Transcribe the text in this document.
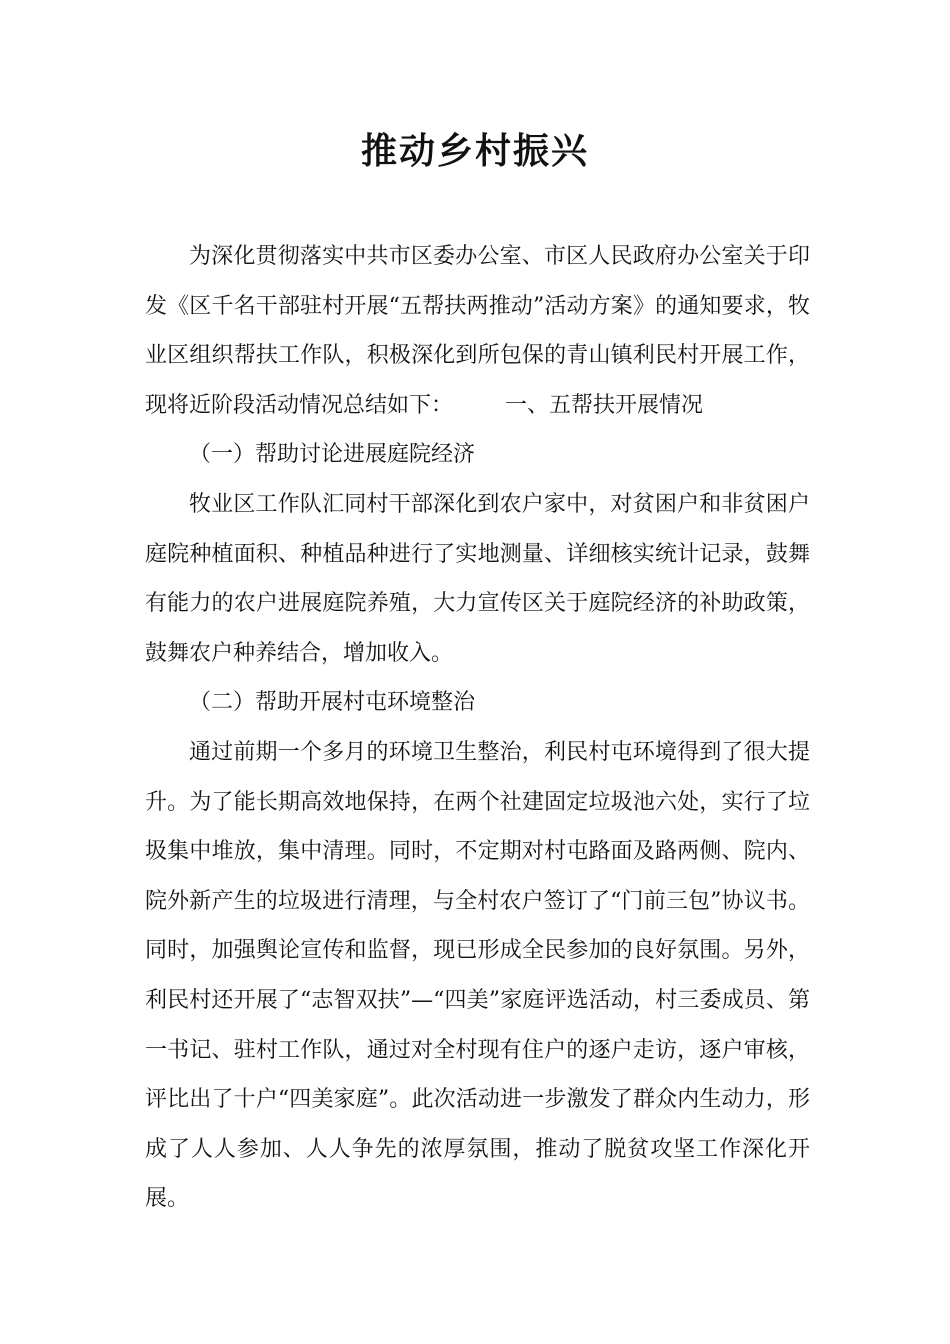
推动乡村振兴

为深化贯彻落实中共市区委办公室、市区人民政府办公室关于印发《区千名干部驻村开展“五帮扶两推动”活动方案》的通知要求，牧业区组织帮扶工作队，积极深化到所包保的青山镇利民村开展工作，现将近阶段活动情况总结如下： 一、五帮扶开展情况

（一）帮助讨论进展庭院经济

牧业区工作队汇同村干部深化到农户家中，对贫困户和非贫困户庭院种植面积、种植品种进行了实地测量、详细核实统计记录，鼓舞有能力的农户进展庭院养殖，大力宣传区关于庭院经济的补助政策，鼓舞农户种养结合，增加收入。

（二）帮助开展村屯环境整治

通过前期一个多月的环境卫生整治，利民村屯环境得到了很大提升。为了能长期高效地保持，在两个社建固定垃圾池六处，实行了垃圾集中堆放，集中清理。同时，不定期对村屯路面及路两侧、院内、院外新产生的垃圾进行清理，与全村农户签订了“门前三包”协议书。同时，加强舆论宣传和监督，现已形成全民参加的良好氛围。另外，利民村还开展了“志智双扶”—“四美”家庭评选活动，村三委成员、第一书记、驻村工作队，通过对全村现有住户的逐户走访，逐户审核，评比出了十户“四美家庭”。此次活动进一步激发了群众内生动力，形成了人人参加、人人争先的浓厚氛围，推动了脱贫攻坚工作深化开展。
